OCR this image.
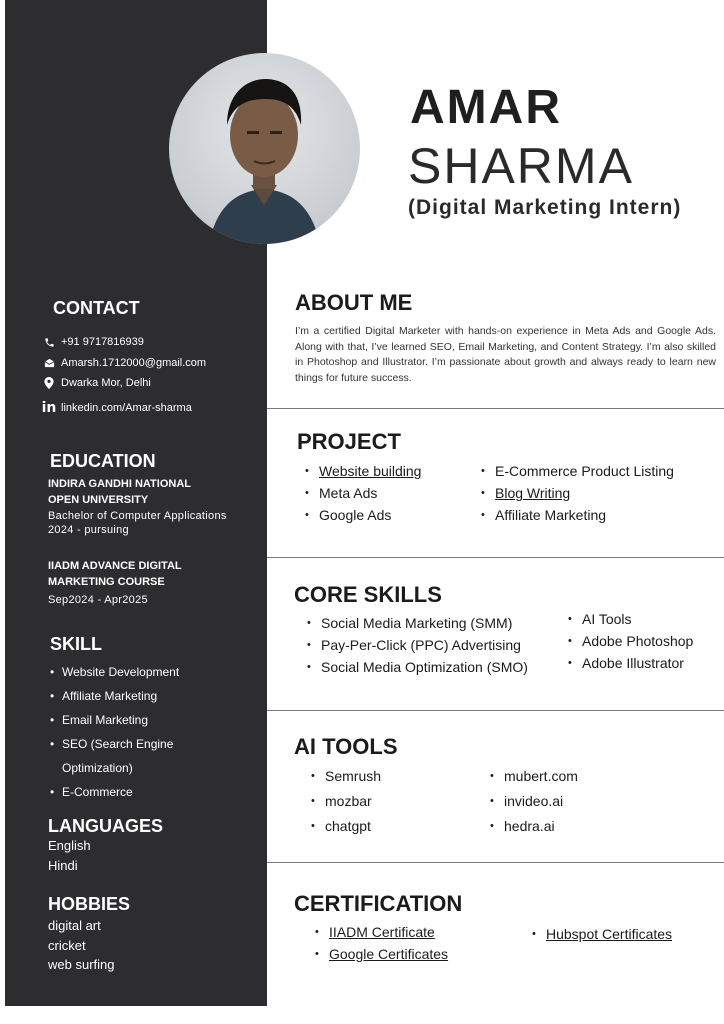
AMAR
SHARMA
(Digital Marketing Intern)
CONTACT
+91 9717816939
Amarsh.1712000@gmail.com
Dwarka Mor, Delhi
in linkedin.com/Amar-sharma
EDUCATION
INDIRA GANDHI NATIONAL
OPEN UNIVERSITY
Bachelor of Computer Applications
2024 - pursuing
IIADM ADVANCE DIGITAL
MARKETING COURSE
Sep2024 - Apr2025
SKILL
• Website Development
• Affiliate Marketing
• Email Marketing
• SEO (Search Engine
Optimization)
• E-Commerce
LANGUAGES
English
Hindi
HOBBIES
digital art
cricket
web surfing
ABOUT ME
I’m a certified Digital Marketer with hands-on experience in Meta Ads and Google Ads. Along with that, I’ve learned SEO, Email Marketing, and Content Strategy. I’m also skilled in Photoshop and Illustrator. I’m passionate about growth and always ready to learn new things for future success.
PROJECT
• Website building
• Meta Ads
• Google Ads
• E-Commerce Product Listing
• Blog Writing
• Affiliate Marketing
CORE SKILLS
• Social Media Marketing (SMM)
• Pay-Per-Click (PPC) Advertising
• Social Media Optimization (SMO)
• AI Tools
• Adobe Photoshop
• Adobe Illustrator
AI TOOLS
• Semrush
• mozbar
• chatgpt
• mubert.com
• invideo.ai
• hedra.ai
CERTIFICATION
• IIADM Certificate
• Google Certificates
• Hubspot Certificates
